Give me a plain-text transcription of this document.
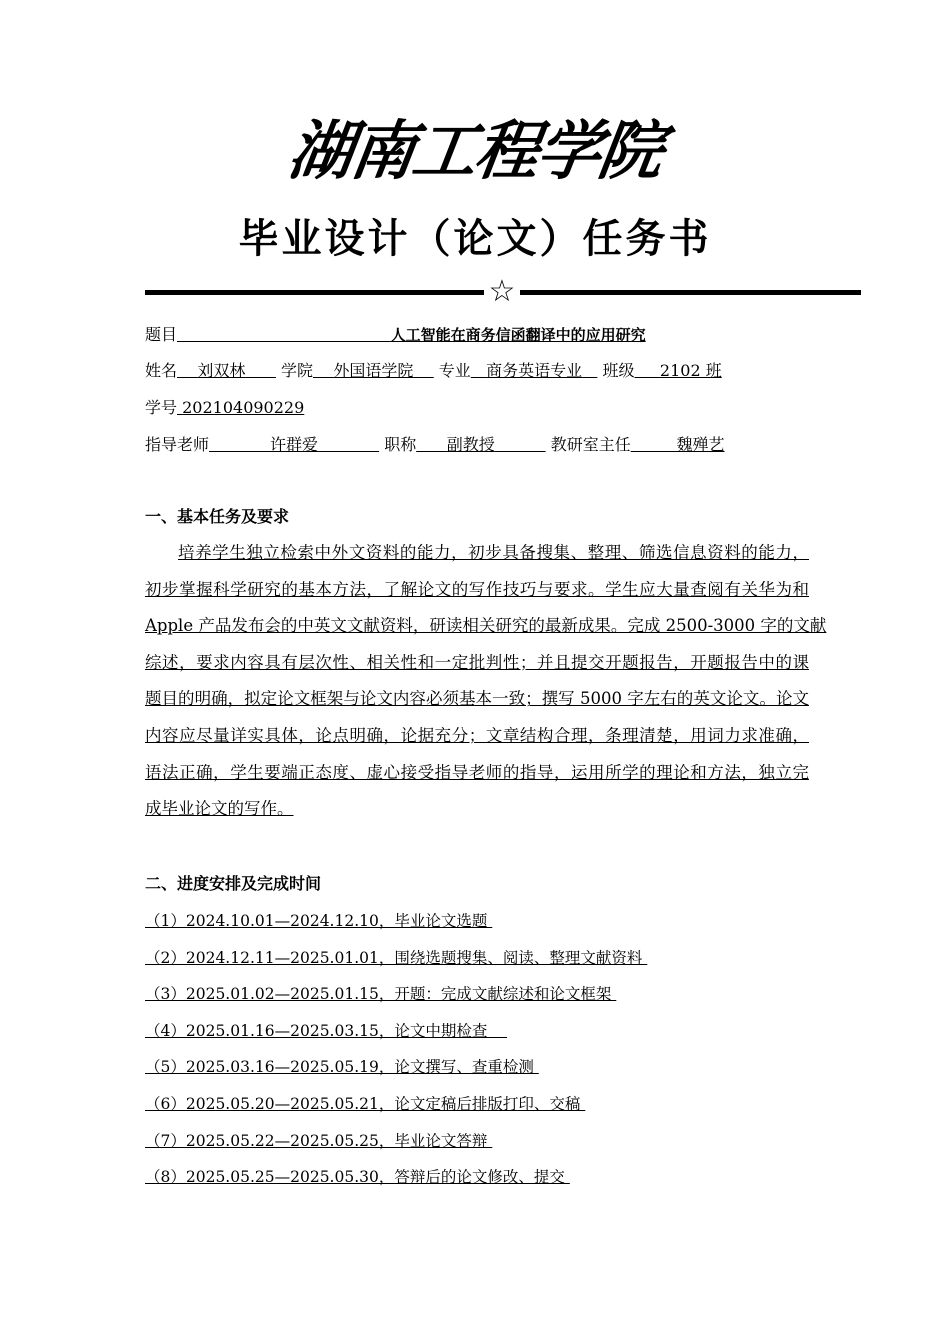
湖南工程学院
毕业设计（论文）任务书
☆
题目	人工智能在商务信函翻译中的应用研究
姓名 刘双林 学院 外国语学院 专业 商务英语专业 班级 2102 班
学号 202104090229
指导老师	许群爱	职称 副教授	教研室主任	魏殚艺
一、基本任务及要求
培养学生独立检索中外文资料的能力，初步具备搜集、整理、筛选信息资料的能力，
初步掌握科学研究的基本方法，了解论文的写作技巧与要求。学生应大量查阅有关华为和
Apple 产品发布会的中英文文献资料，研读相关研究的最新成果。完成 2500-3000 字的文献
综述，要求内容具有层次性、相关性和一定批判性；并且提交开题报告，开题报告中的课
题目的明确，拟定论文框架与论文内容必须基本一致；撰写 5000 字左右的英文论文。论文
内容应尽量详实具体，论点明确，论据充分；文章结构合理，条理清楚，用词力求准确，
语法正确，学生要端正态度、虚心接受指导老师的指导，运用所学的理论和方法，独立完
成毕业论文的写作。
二、进度安排及完成时间
（1）2024.10.01—2024.12.10，毕业论文选题
（2）2024.12.11—2025.01.01，围绕选题搜集、阅读、整理文献资料
（3）2025.01.02—2025.01.15，开题：完成文献综述和论文框架
（4）2025.01.16—2025.03.15，论文中期检查
（5）2025.03.16—2025.05.19，论文撰写、查重检测
（6）2025.05.20—2025.05.21，论文定稿后排版打印、交稿
（7）2025.05.22—2025.05.25，毕业论文答辩
（8）2025.05.25—2025.05.30，答辩后的论文修改、提交
